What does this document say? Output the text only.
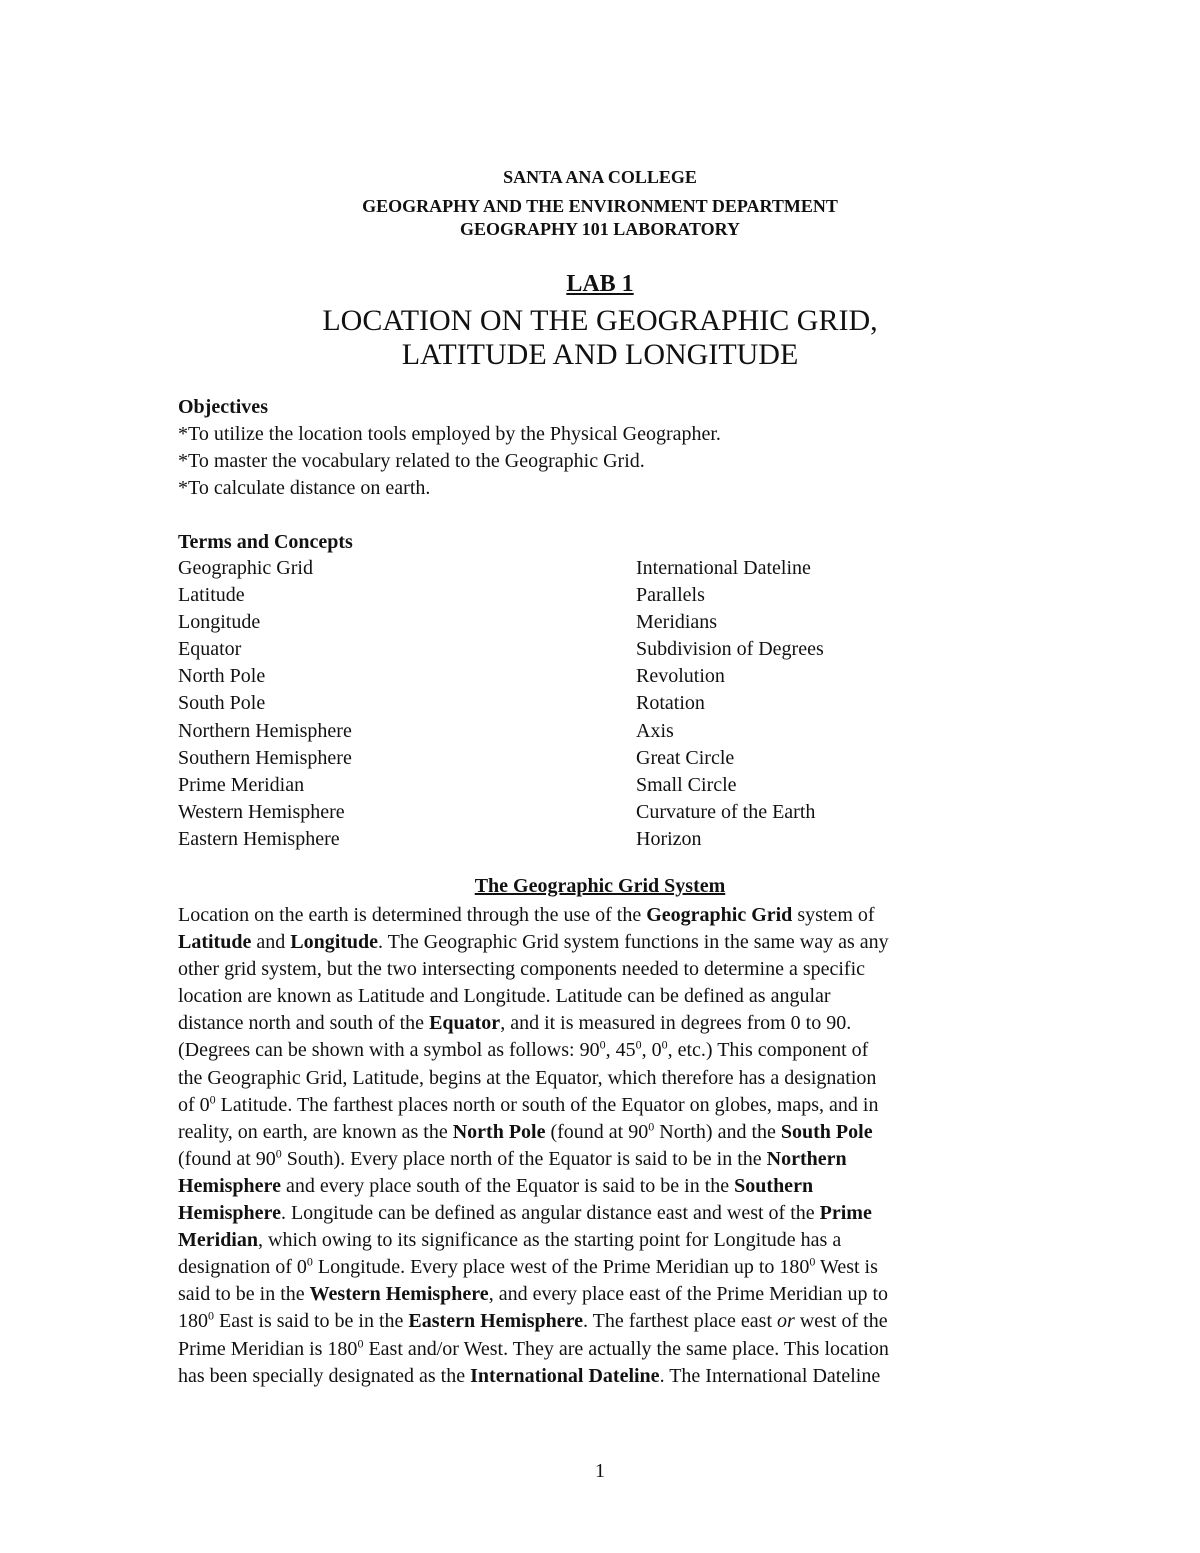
SANTA ANA COLLEGE
GEOGRAPHY AND THE ENVIRONMENT DEPARTMENT
GEOGRAPHY 101 LABORATORY
LAB 1
LOCATION ON THE GEOGRAPHIC GRID,
LATITUDE AND LONGITUDE
Objectives
*To utilize the location tools employed by the Physical Geographer.
*To master the vocabulary related to the Geographic Grid.
*To calculate distance on earth.
Terms and Concepts
Geographic Grid
Latitude
Longitude
Equator
North Pole
South Pole
Northern Hemisphere
Southern Hemisphere
Prime Meridian
Western Hemisphere
Eastern Hemisphere
International Dateline
Parallels
Meridians
Subdivision of Degrees
Revolution
Rotation
Axis
Great Circle
Small Circle
Curvature of the Earth
Horizon
The Geographic Grid System
Location on the earth is determined through the use of the Geographic Grid system of
Latitude and Longitude. The Geographic Grid system functions in the same way as any
other grid system, but the two intersecting components needed to determine a specific
location are known as Latitude and Longitude. Latitude can be defined as angular
distance north and south of the Equator, and it is measured in degrees from 0 to 90.
(Degrees can be shown with a symbol as follows: $90^0$, $45^0$, $0^0$, etc.) This component of
the Geographic Grid, Latitude, begins at the Equator, which therefore has a designation
of $0^0$ Latitude. The farthest places north or south of the Equator on globes, maps, and in
reality, on earth, are known as the North Pole (found at $90^0$ North) and the South Pole
(found at $90^0$ South). Every place north of the Equator is said to be in the Northern
Hemisphere and every place south of the Equator is said to be in the Southern
Hemisphere. Longitude can be defined as angular distance east and west of the Prime
Meridian, which owing to its significance as the starting point for Longitude has a
designation of $0^0$ Longitude. Every place west of the Prime Meridian up to $180^0$ West is
said to be in the Western Hemisphere, and every place east of the Prime Meridian up to
$180^0$ East is said to be in the Eastern Hemisphere. The farthest place east or west of the
Prime Meridian is $180^0$ East and/or West. They are actually the same place. This location
has been specially designated as the International Dateline. The International Dateline
1
